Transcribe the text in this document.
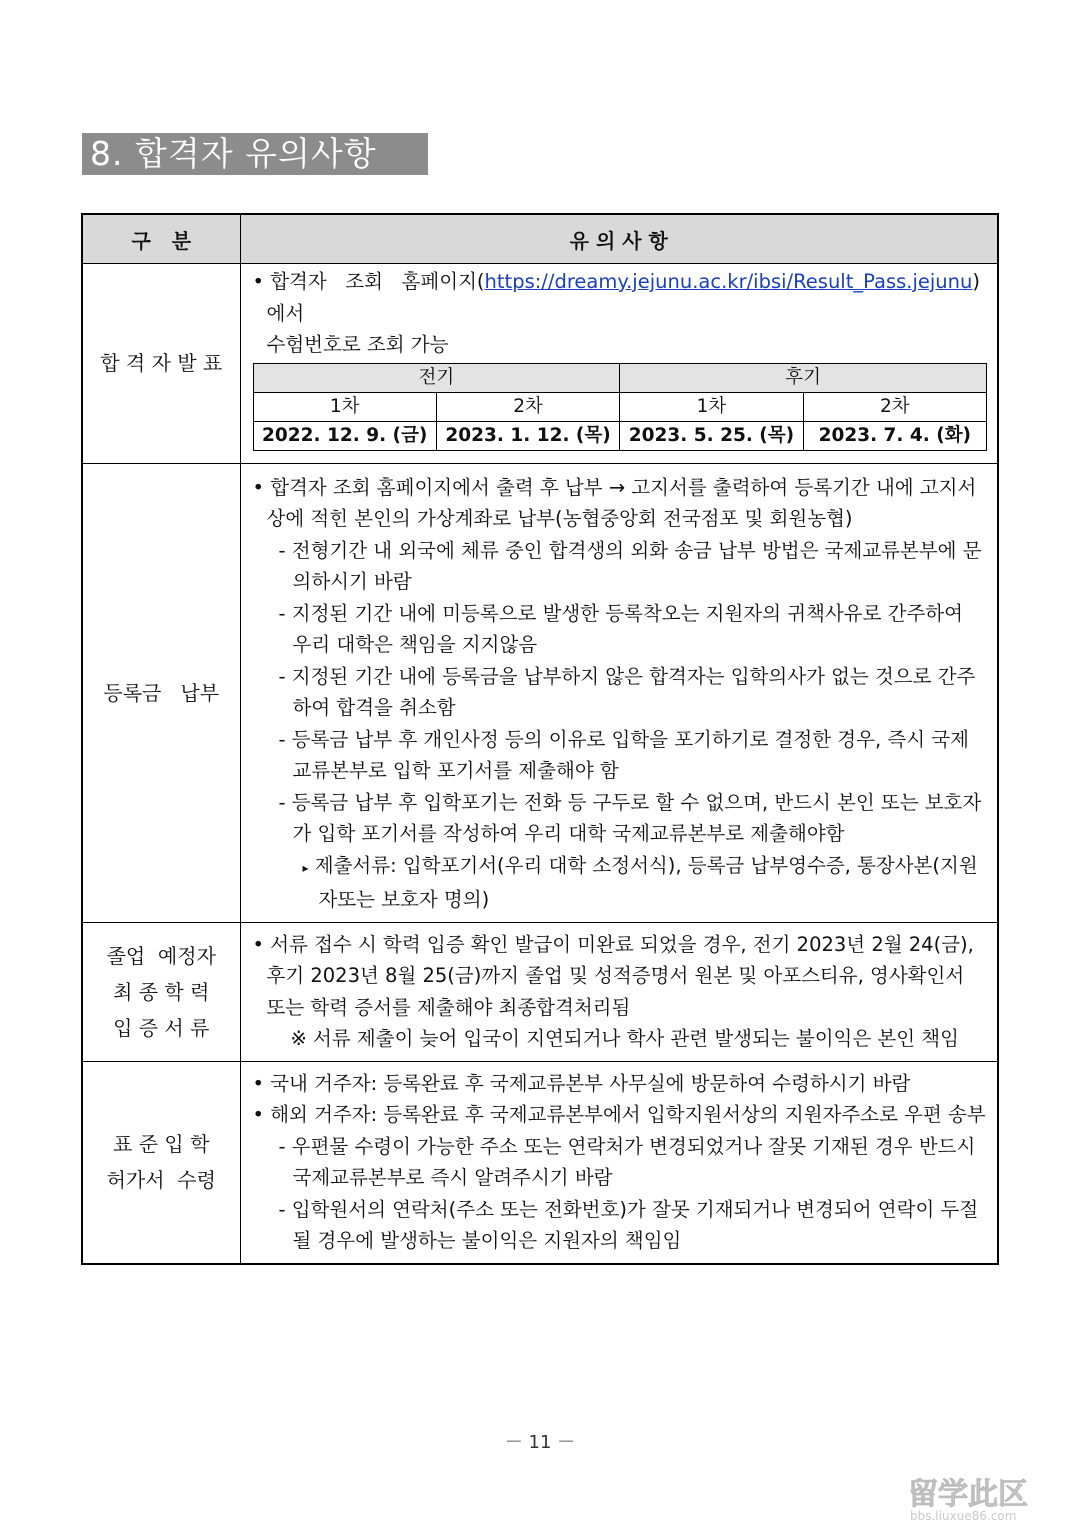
8. 합격자 유의사항
구   분	유 의 사 항
합 격 자 발 표	
• 합격자   조회   홈페이지(https://dreamy.jejunu.ac.kr/ibsi/Result_Pass.jejunu)에서
수험번호로 조회 가능
전기	후기
1차	2차	1차	2차
2022. 12. 9. (금)	2023. 1. 12. (목)	2023. 5. 25. (목)	2023. 7. 4. (화)

등록금   납부	
• 합격자 조회 홈페이지에서 출력 후 납부 → 고지서를 출력하여 등록기간 내에 고지서 상에 적힌 본인의 가상계좌로 납부(농협중앙회 전국점포 및 회원농협)
- 전형기간 내 외국에 체류 중인 합격생의 외화 송금 납부 방법은 국제교류본부에 문의하시기 바람
- 지정된 기간 내에 미등록으로 발생한 등록착오는 지원자의 귀책사유로 간주하여 우리 대학은 책임을 지지않음
- 지정된 기간 내에 등록금을 납부하지 않은 합격자는 입학의사가 없는 것으로 간주하여 합격을 취소함
- 등록금 납부 후 개인사정 등의 이유로 입학을 포기하기로 결정한 경우, 즉시 국제교류본부로 입학 포기서를 제출해야 함
- 등록금 납부 후 입학포기는 전화 등 구두로 할 수 없으며, 반드시 본인 또는 보호자가 입학 포기서를 작성하여 우리 대학 국제교류본부로 제출해야함
▸ 제출서류: 입학포기서(우리 대학 소정서식), 등록금 납부영수증, 통장사본(지원자또는 보호자 명의)

졸업  예정자
최 종 학 력
입 증 서 류

• 서류 접수 시 학력 입증 확인 발급이 미완료 되었을 경우, 전기 2023년 2월 24(금), 후기 2023년 8월 25(금)까지 졸업 및 성적증명서 원본 및 아포스티유, 영사확인서 또는 학력 증서를 제출해야 최종합격처리됨
※ 서류 제출이 늦어 입국이 지연되거나 학사 관련 발생되는 불이익은 본인 책임

표 준 입 학
허가서  수령

• 국내 거주자: 등록완료 후 국제교류본부 사무실에 방문하여 수령하시기 바람
• 해외 거주자: 등록완료 후 국제교류본부에서 입학지원서상의 지원자주소로 우편 송부
- 우편물 수령이 가능한 주소 또는 연락처가 변경되었거나 잘못 기재된 경우 반드시 국제교류본부로 즉시 알려주시기 바람
- 입학원서의 연락처(주소 또는 전화번호)가 잘못 기재되거나 변경되어 연락이 두절 될 경우에 발생하는 불이익은 지원자의 책임임
－ 11 －
留学此区
bbs.liuxue86.com
